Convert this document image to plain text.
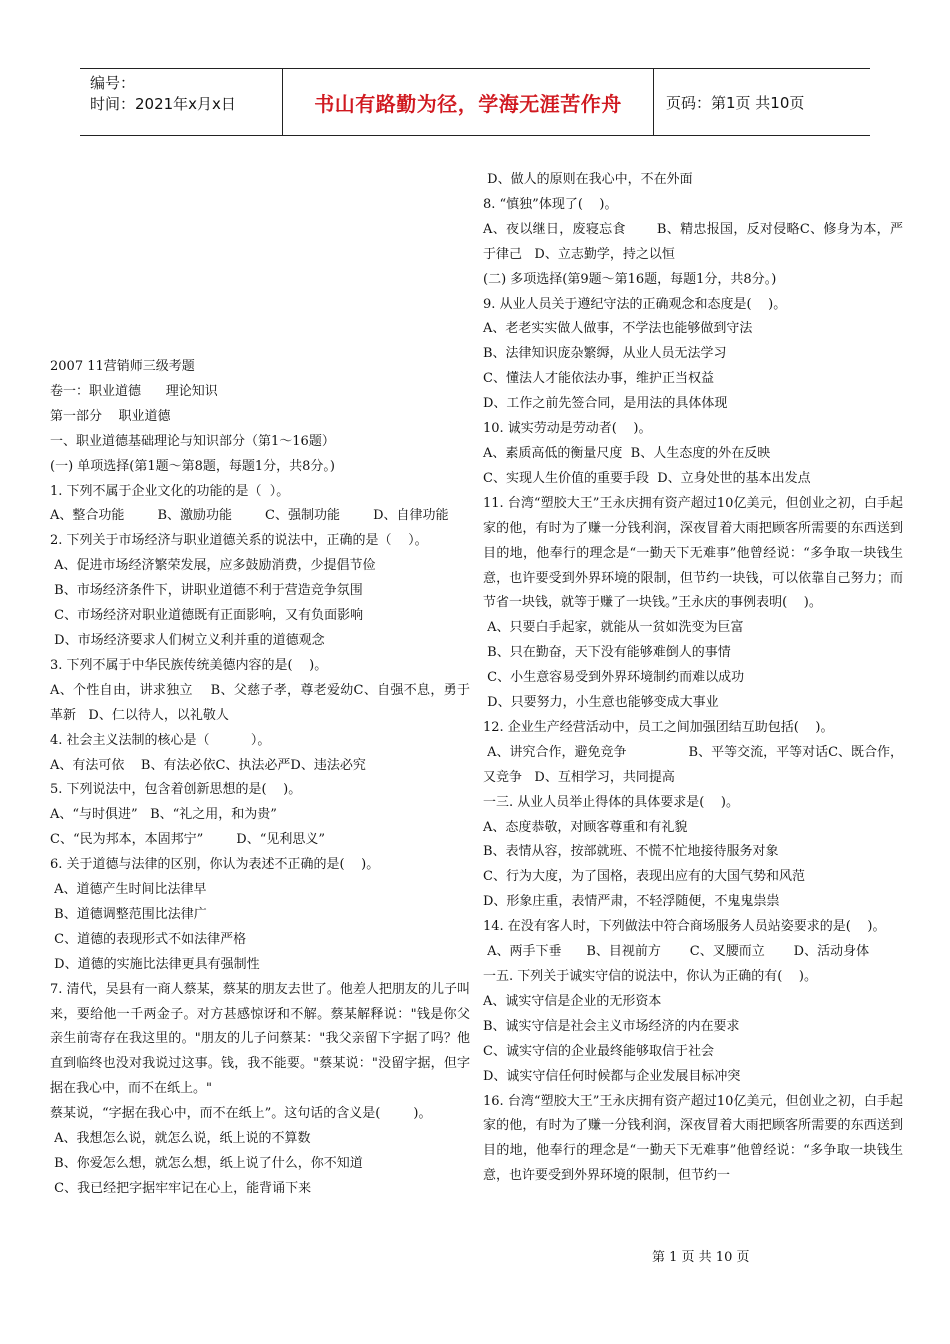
编号：
时间：2021年x月x日	书山有路勤为径，学海无涯苦作舟	页码：第1页 共10页

2007 11营销师三级考题

卷一：职业道德      理论知识

第一部分    职业道德

一、职业道德基础理论与知识部分（第1～16题）

(一) 单项选择(第1题～第8题，每题1分，共8分。)

1. 下列不属于企业文化的功能的是（  ）。

A、整合功能        B、激励功能        C、强制功能        D、自律功能

2. 下列关于市场经济与职业道德关系的说法中，正确的是（    ）。

A、促进市场经济繁荣发展，应多鼓励消费，少提倡节俭

B、市场经济条件下，讲职业道德不利于营造竞争氛围

C、市场经济对职业道德既有正面影响，又有负面影响

D、市场经济要求人们树立义利并重的道德观念

3. 下列不属于中华民族传统美德内容的是(    )。

A、个性自由，讲求独立    B、父慈子孝，尊老爱幼C、自强不息，勇于革新   D、仁以待人，以礼敬人

4. 社会主义法制的核心是（          ）。

A、有法可依    B、有法必依C、执法必严D、违法必究

5. 下列说法中，包含着创新思想的是(    )。

A、“与时俱进”   B、“礼之用，和为贵”

C、“民为邦本，本固邦宁”        D、“见利思义”

6. 关于道德与法律的区别，你认为表述不正确的是(    )。

A、道德产生时间比法律早

B、道德调整范围比法律广

C、道德的表现形式不如法律严格

D、道德的实施比法律更具有强制性

7. 清代，吴县有一商人蔡某，蔡某的朋友去世了。他差人把朋友的儿子叫来，要给他一千两金子。对方甚感惊讶和不解。蔡某解释说："钱是你父亲生前寄存在我这里的。"朋友的儿子问蔡某："我父亲留下字据了吗？他直到临终也没对我说过这事。钱，我不能要。"蔡某说："没留字据，但字据在我心中，而不在纸上。"

蔡某说，“字据在我心中，而不在纸上”。这句话的含义是(        )。

A、我想怎么说，就怎么说，纸上说的不算数

B、你爱怎么想，就怎么想，纸上说了什么，你不知道

C、我已经把字据牢牢记在心上，能背诵下来

D、做人的原则在我心中，不在外面

8. “慎独”体现了(    )。

A、夜以继日，废寝忘食       B、精忠报国，反对侵略C、修身为本，严于律己   D、立志勤学，持之以恒

(二) 多项选择(第9题～第16题，每题1分，共8分。)

9. 从业人员关于遵纪守法的正确观念和态度是(    )。

A、老老实实做人做事，不学法也能够做到守法

B、法律知识庞杂繁缛，从业人员无法学习

C、懂法人才能依法办事，维护正当权益

D、工作之前先签合同，是用法的具体体现

10. 诚实劳动是劳动者(    )。

A、素质高低的衡量尺度  B、人生态度的外在反映

C、实现人生价值的重要手段  D、立身处世的基本出发点

11. 台湾“塑胶大王”王永庆拥有资产超过10亿美元，但创业之初，白手起家的他，有时为了赚一分钱利润，深夜冒着大雨把顾客所需要的东西送到目的地，他奉行的理念是“一勤天下无难事”他曾经说：“多争取一块钱生意，也许要受到外界环境的限制，但节约一块钱，可以依靠自己努力；而节省一块钱，就等于赚了一块钱。”王永庆的事例表明(    )。

A、只要白手起家，就能从一贫如洗变为巨富

B、只在勤奋，天下没有能够难倒人的事情

C、小生意容易受到外界环境制约而难以成功

D、只要努力，小生意也能够变成大事业

12. 企业生产经营活动中，员工之间加强团结互助包括(    )。

A、讲究合作，避免竞争               B、平等交流，平等对话C、既合作，又竞争   D、互相学习，共同提高

一三. 从业人员举止得体的具体要求是(    )。

A、态度恭敬，对顾客尊重和有礼貌

B、表情从容，按部就班、不慌不忙地接待服务对象

C、行为大度，为了国格，表现出应有的大国气势和风范

D、形象庄重，表情严肃，不轻浮随便，不鬼鬼祟祟

14. 在没有客人时，下列做法中符合商场服务人员站姿要求的是(    )。

A、两手下垂      B、目视前方       C、叉腰而立       D、活动身体

一五. 下列关于诚实守信的说法中，你认为正确的有(    )。

A、诚实守信是企业的无形资本

B、诚实守信是社会主义市场经济的内在要求

C、诚实守信的企业最终能够取信于社会

D、诚实守信任何时候都与企业发展目标冲突

16. 台湾“塑胶大王”王永庆拥有资产超过10亿美元，但创业之初，白手起家的他，有时为了赚一分钱利润，深夜冒着大雨把顾客所需要的东西送到目的地，他奉行的理念是“一勤天下无难事”他曾经说：“多争取一块钱生意，也许要受到外界环境的限制，但节约一

第 1 页 共 10 页
